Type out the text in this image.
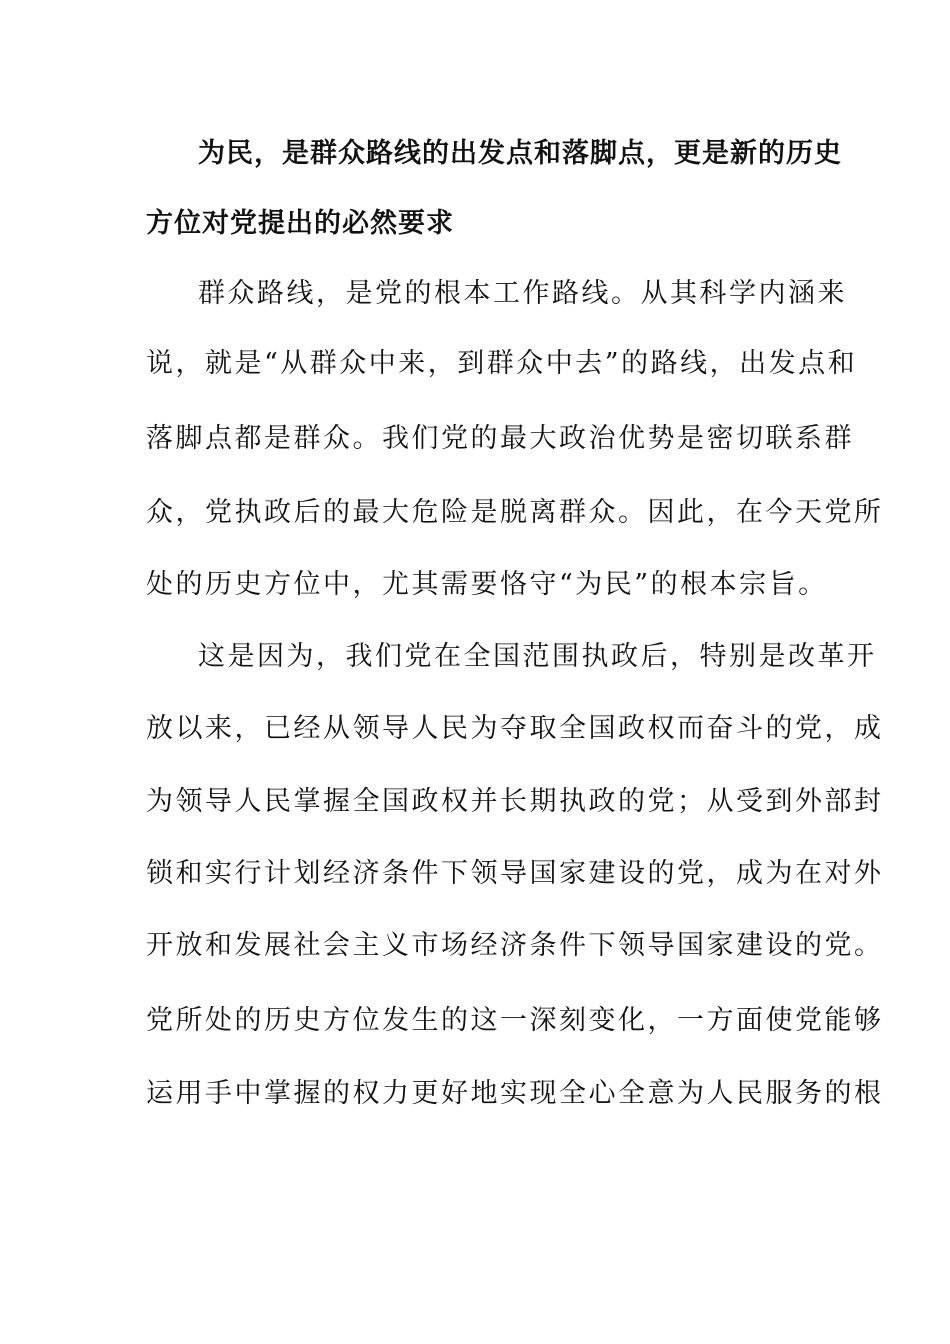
为民，是群众路线的出发点和落脚点，更是新的历史
方位对党提出的必然要求
群众路线，是党的根本工作路线。从其科学内涵来
说，就是“从群众中来，到群众中去”的路线，出发点和
落脚点都是群众。我们党的最大政治优势是密切联系群
众，党执政后的最大危险是脱离群众。因此，在今天党所
处的历史方位中，尤其需要恪守“为民”的根本宗旨。
这是因为，我们党在全国范围执政后，特别是改革开
放以来，已经从领导人民为夺取全国政权而奋斗的党，成
为领导人民掌握全国政权并长期执政的党；从受到外部封
锁和实行计划经济条件下领导国家建设的党，成为在对外
开放和发展社会主义市场经济条件下领导国家建设的党。
党所处的历史方位发生的这一深刻变化，一方面使党能够
运用手中掌握的权力更好地实现全心全意为人民服务的根
